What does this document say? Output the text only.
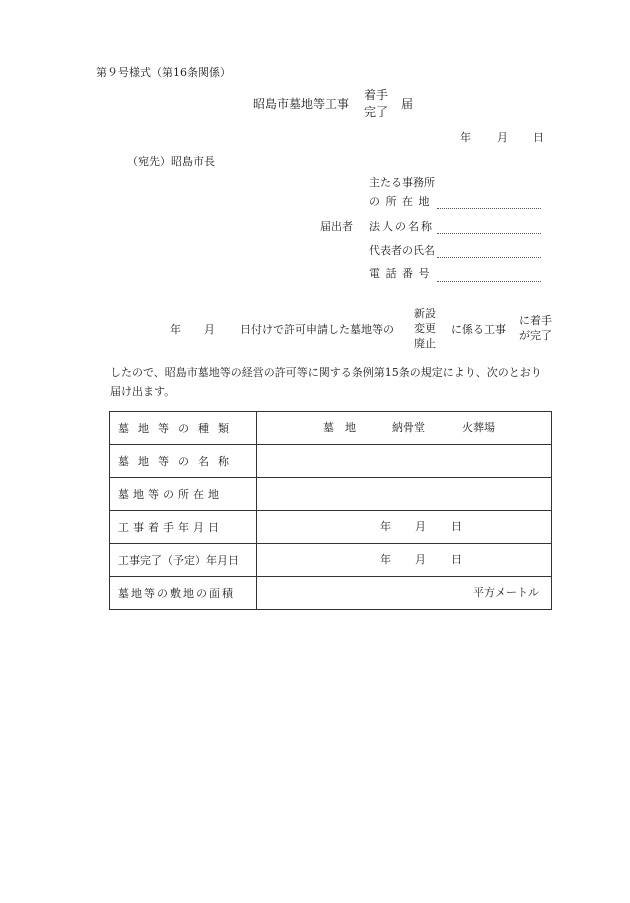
第９号様式（第16条関係）
昭島市墓地等工事
着手
完了
届
年 月 日
（宛先）昭島市長
主たる事務所
の 所 在 地
届出者 法人の名称
代表者の氏名
電 話 番 号
年 月 日付けで許可申請した墓地等の
新設
変更
廃止
に係る工事
に着手
が完了
したので、昭島市墓地等の経営の許可等に関する条例第15条の規定により、次のとおり
届け出ます。
墓地等の種類	墓　地 納骨堂 火葬場

墓地等の名称	
墓地等の所在地	
工事着手年月日	年 月 日

工事完了（予定）年月日	年 月 日

墓地等の敷地の面積	平方メートル
